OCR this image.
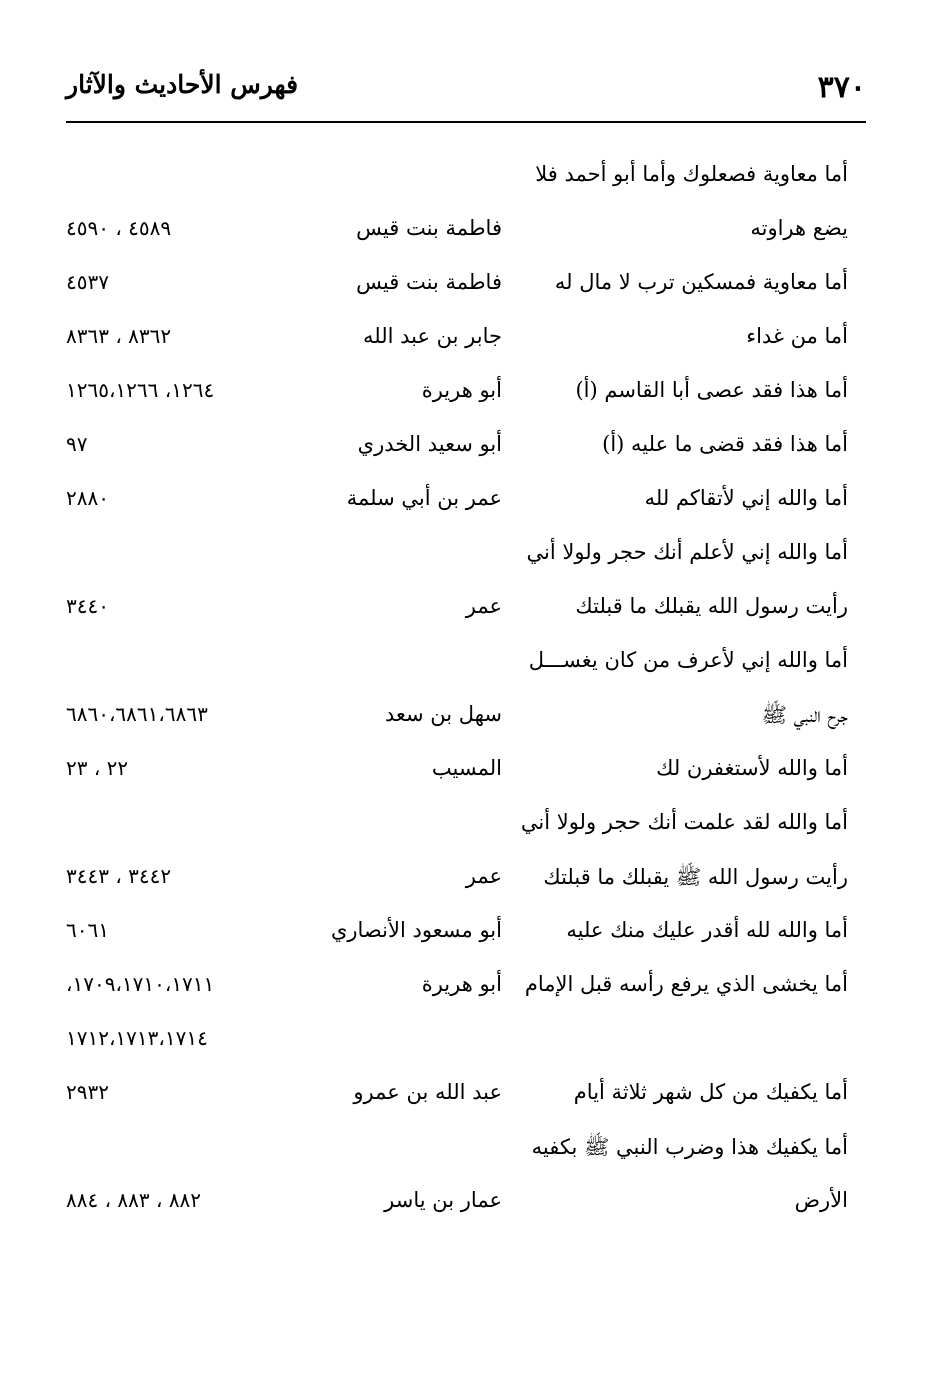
٣٧٠
فهرس الأحاديث والآثار
أما معاوية فصعلوك وأما أبو أحمد فلا
يضع هراوته
فاطمة بنت قيس
٤٥٨٩ ، ٤٥٩٠
أما معاوية فمسكين ترب لا مال له
فاطمة بنت قيس
٤٥٣٧
أما من غداء
جابر بن عبد الله
٨٣٦٢ ، ٨٣٦٣
أما هذا فقد عصى أبا القاسم (أ)
أبو هريرة
١٢٦٤، ١٢٦٥،١٢٦٦
أما هذا فقد قضى ما عليه (أ)
أبو سعيد الخدري
٩٧
أما والله إني لأتقاكم لله
عمر بن أبي سلمة
٢٨٨٠
أما والله إني لأعلم أنك حجر ولولا أني
رأيت رسول الله يقبلك ما قبلتك
عمر
٣٤٤٠
أما والله إني لأعرف من كان يغســـل
جرح النبي ﷺ
سهل بن سعد
٦٨٦٠،٦٨٦١،٦٨٦٣
أما والله لأستغفرن لك
المسيب
٢٢ ، ٢٣
أما والله لقد علمت أنك حجر ولولا أني
رأيت رسول الله ﷺ يقبلك ما قبلتك
عمر
٣٤٤٢ ، ٣٤٤٣
أما والله لله أقدر عليك منك عليه
أبو مسعود الأنصاري
٦٠٦١
أما يخشى الذي يرفع رأسه قبل الإمام
أبو هريرة
١٧٠٩،١٧١٠،١٧١١،
١٧١٢،١٧١٣،١٧١٤
أما يكفيك من كل شهر ثلاثة أيام
عبد الله بن عمرو
٢٩٣٢
أما يكفيك هذا وضرب النبي ﷺ بكفيه
الأرض
عمار بن ياسر
٨٨٢ ، ٨٨٣ ، ٨٨٤
